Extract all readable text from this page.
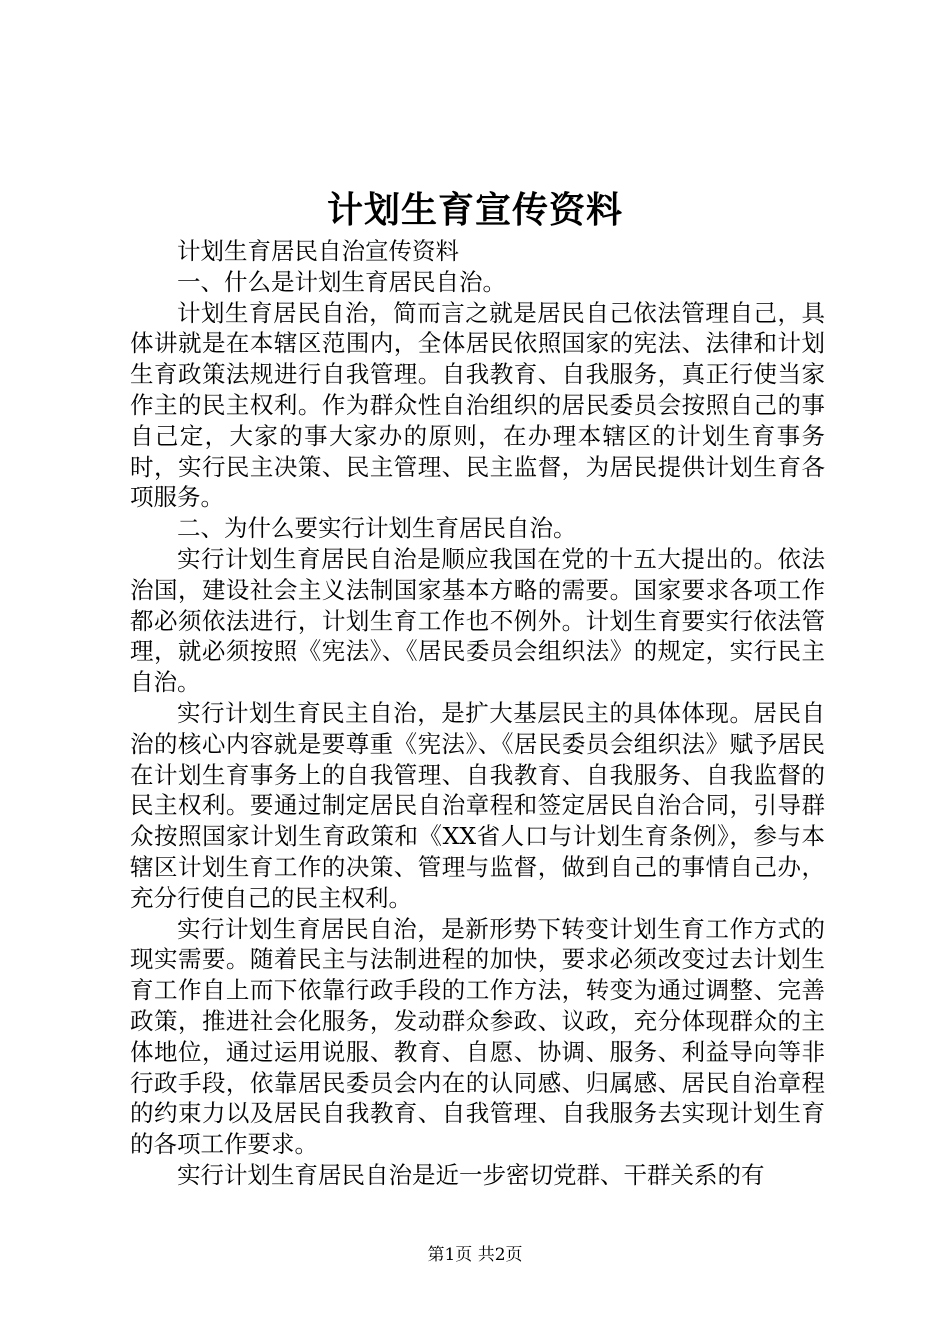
计划生育宣传资料

计划生育居民自治宣传资料

一、什么是计划生育居民自治。

计划生育居民自治，简而言之就是居民自己依法管理自己，具体讲就是在本辖区范围内，全体居民依照国家的宪法、法律和计划生育政策法规进行自我管理。自我教育、自我服务，真正行使当家作主的民主权利。作为群众性自治组织的居民委员会按照自己的事自己定，大家的事大家办的原则，在办理本辖区的计划生育事务时，实行民主决策、民主管理、民主监督，为居民提供计划生育各项服务。

二、为什么要实行计划生育居民自治。

实行计划生育居民自治是顺应我国在党的十五大提出的。依法治国，建设社会主义法制国家基本方略的需要。国家要求各项工作都必须依法进行，计划生育工作也不例外。计划生育要实行依法管理，就必须按照《宪法》、《居民委员会组织法》的规定，实行民主自治。

实行计划生育民主自治，是扩大基层民主的具体体现。居民自治的核心内容就是要尊重《宪法》、《居民委员会组织法》赋予居民在计划生育事务上的自我管理、自我教育、自我服务、自我监督的民主权利。要通过制定居民自治章程和签定居民自治合同，引导群众按照国家计划生育政策和《XX省人口与计划生育条例》，参与本辖区计划生育工作的决策、管理与监督，做到自己的事情自己办，充分行使自己的民主权利。

实行计划生育居民自治，是新形势下转变计划生育工作方式的现实需要。随着民主与法制进程的加快，要求必须改变过去计划生育工作自上而下依靠行政手段的工作方法，转变为通过调整、完善政策，推进社会化服务，发动群众参政、议政，充分体现群众的主体地位，通过运用说服、教育、自愿、协调、服务、利益导向等非行政手段，依靠居民委员会内在的认同感、归属感、居民自治章程的约束力以及居民自我教育、自我管理、自我服务去实现计划生育的各项工作要求。

实行计划生育居民自治是近一步密切党群、干群关系的有

第1页 共2页
